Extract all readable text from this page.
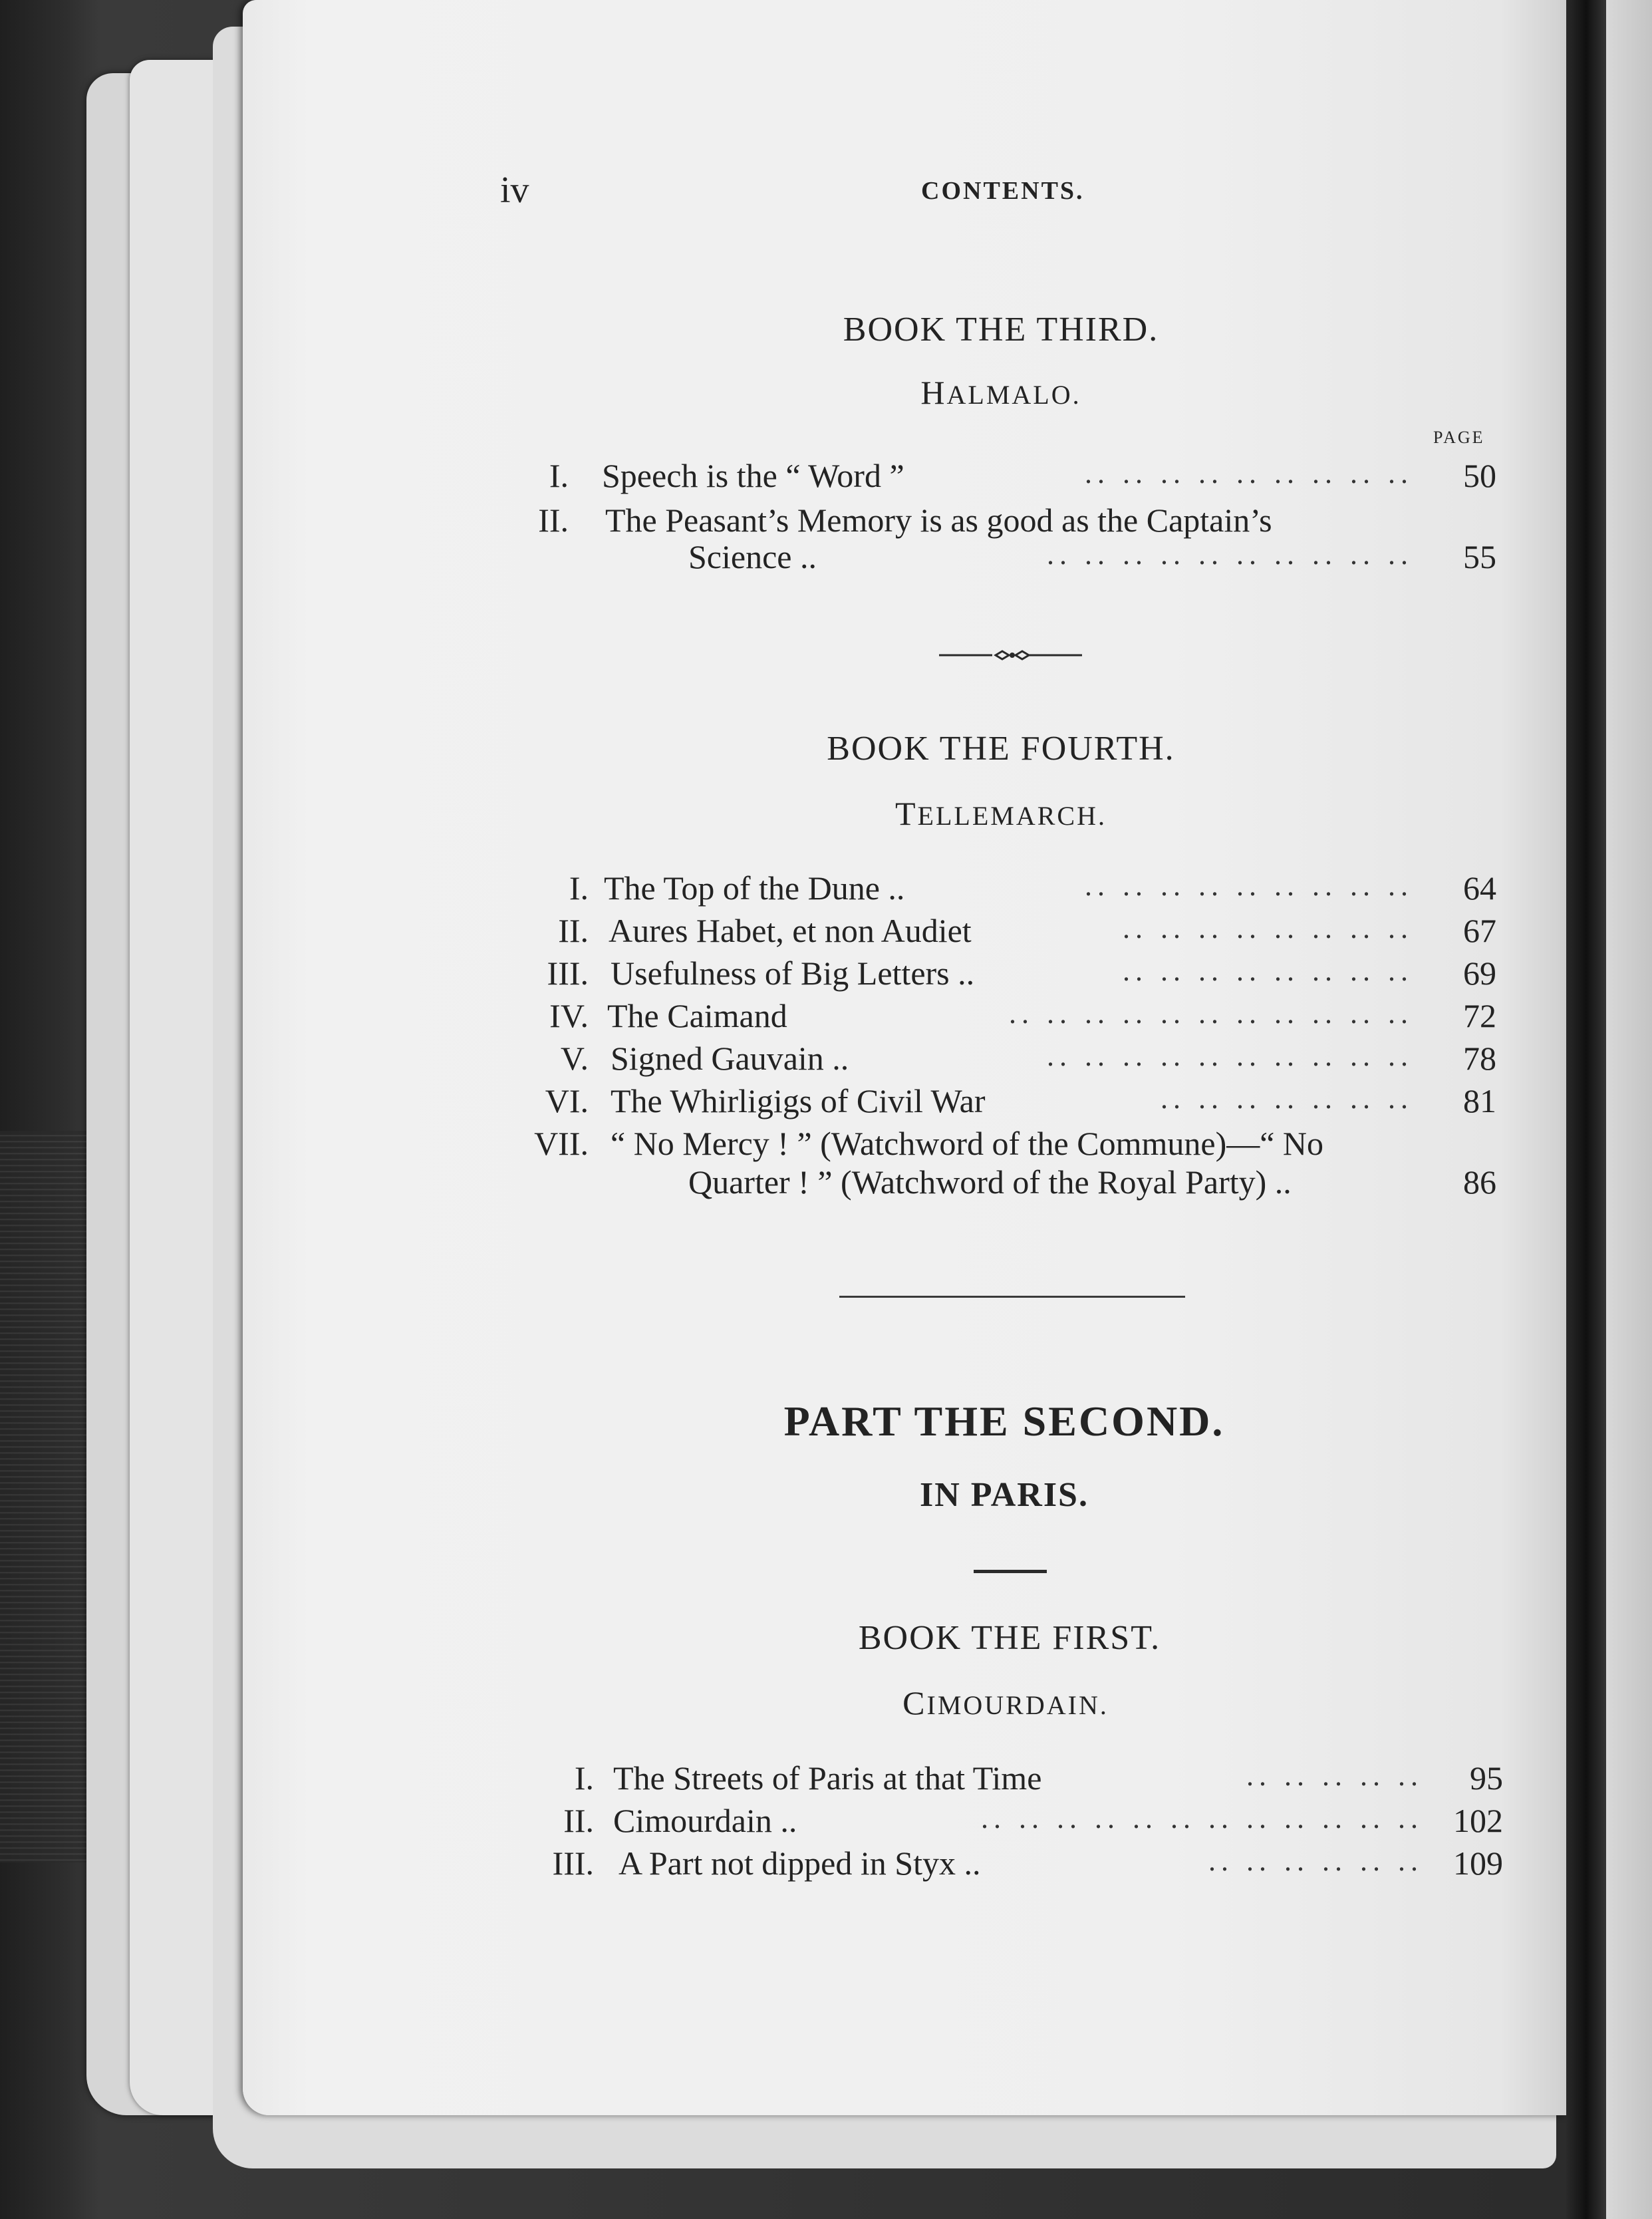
iv	CONTENTS.
BOOK THE THIRD.
HALMALO.
PAGE
I. Speech is the “ Word ”	.. .. .. .. .. .. .. .. ..	50
II. The Peasant’s Memory is as good as the Captain’s
Science ..	.. .. .. .. .. .. .. .. .. ..	55
BOOK THE FOURTH.
TELLEMARCH.
I. The Top of the Dune ..	.. .. .. .. .. .. .. .. ..	64
II. Aures Habet, et non Audiet	.. .. .. .. .. .. .. ..	67
III. Usefulness of Big Letters ..	.. .. .. .. .. .. .. ..	69
IV. The Caimand	.. .. .. .. .. .. .. .. .. .. ..	72
V. Signed Gauvain ..	.. .. .. .. .. .. .. .. .. ..	78
VI. The Whirligigs of Civil War	.. .. .. .. .. .. ..	81
VII. “ No Mercy ! ” (Watchword of the Commune)—“ No
Quarter ! ” (Watchword of the Royal Party) ..	86
PART THE SECOND.
IN PARIS.
BOOK THE FIRST.
CIMOURDAIN.
I. The Streets of Paris at that Time	.. .. .. .. ..	95
II. Cimourdain ..	.. .. .. .. .. .. .. .. .. .. .. .. 102
III. A Part not dipped in Styx ..	.. .. .. .. .. .. 109
